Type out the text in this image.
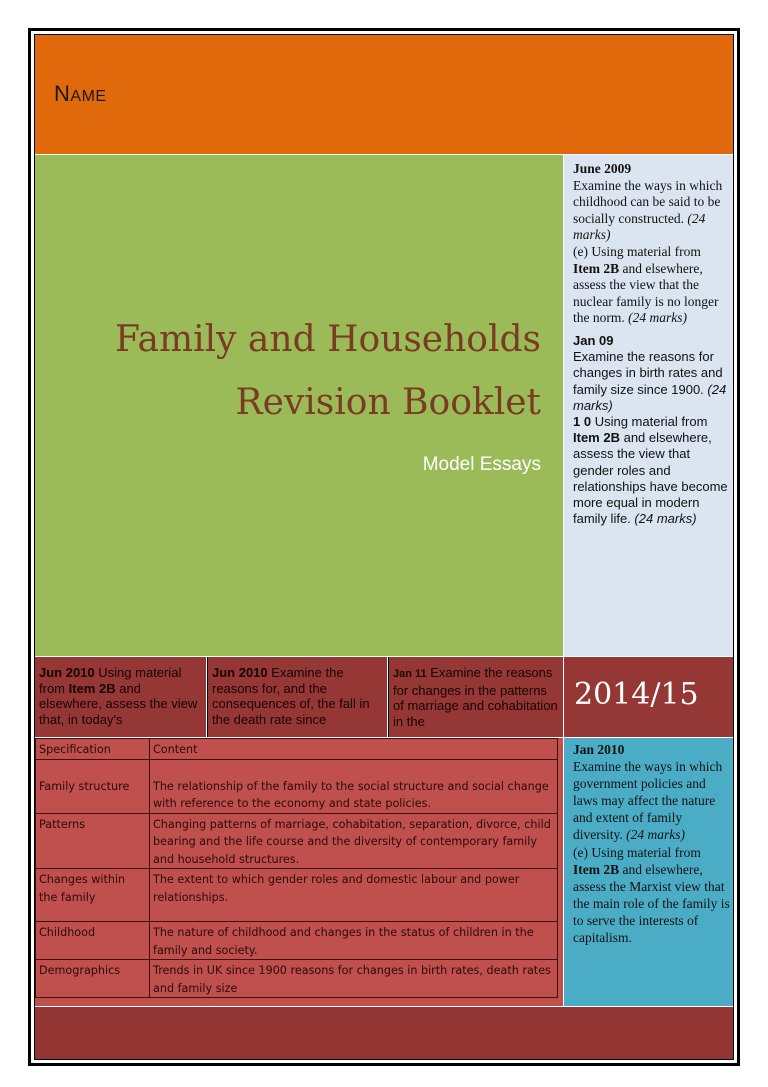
NAME
Family and Households
Revision Booklet
Model Essays
June 2009
Examine the ways in which childhood can be said to be socially constructed. (24 marks)
(e) Using material from Item 2B and elsewhere, assess the view that the nuclear family is no longer the norm. (24 marks)
Jan 09
Examine the reasons for changes in birth rates and family size since 1900. (24 marks)
1 0 Using material from Item 2B and elsewhere, assess the view that gender roles and relationships have become more equal in modern family life. (24 marks)
Jun 2010 Using material from Item 2B and elsewhere, assess the view that, in today's
Jun 2010 Examine the reasons for, and the consequences of, the fall in the death rate since
Jan 11 Examine the reasons for changes in the patterns of marriage and cohabitation in the
2014/15
Specification	Content
Family structure	The relationship of the family to the social structure and social change with reference to the economy and state policies.
Patterns	Changing patterns of marriage, cohabitation, separation, divorce, child bearing and the life course and the diversity of contemporary family and household structures.
Changes within the family	The extent to which gender roles and domestic labour and power relationships.
Childhood	The nature of childhood and changes in the status of children in the family and society.
Demographics	Trends in UK since 1900 reasons for changes in birth rates, death rates and family size
Jan 2010
Examine the ways in which government policies and laws may affect the nature and extent of family diversity. (24 marks)
(e) Using material from Item 2B and elsewhere, assess the Marxist view that the main role of the family is to serve the interests of capitalism.
